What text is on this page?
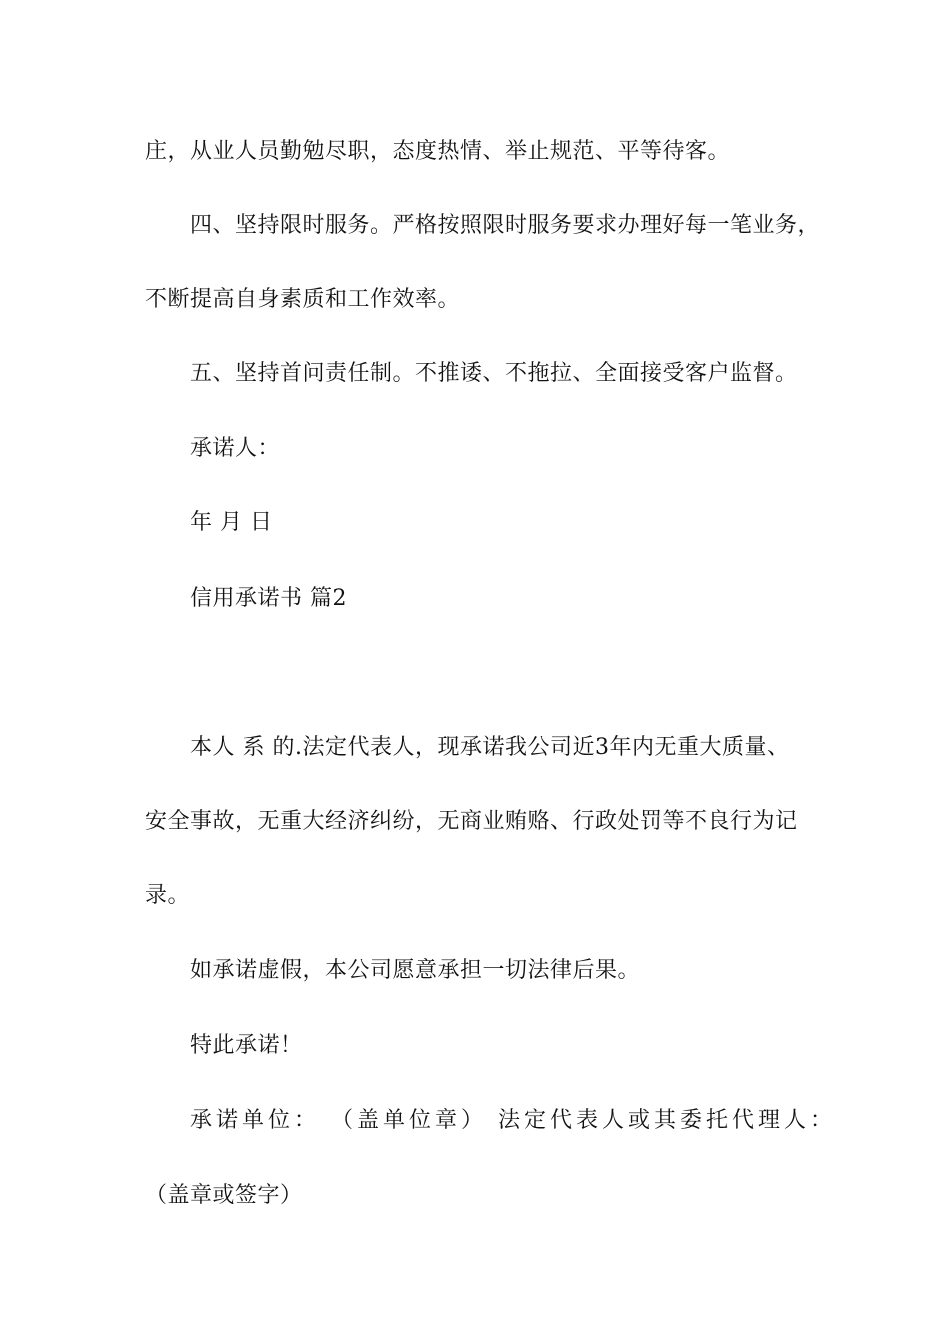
庄，从业人员勤勉尽职，态度热情、举止规范、平等待客。
四、坚持限时服务。严格按照限时服务要求办理好每一笔业务，
不断提高自身素质和工作效率。
五、坚持首问责任制。不推诿、不拖拉、全面接受客户监督。
承诺人：
年 月 日
信用承诺书 篇2
本人 系 的.法定代表人，现承诺我公司近3年内无重大质量、
安全事故，无重大经济纠纷，无商业贿赂、行政处罚等不良行为记
录。
如承诺虚假，本公司愿意承担一切法律后果。
特此承诺！
承诺单位： （盖单位章） 法定代表人或其委托代理人：
（盖章或签字）
